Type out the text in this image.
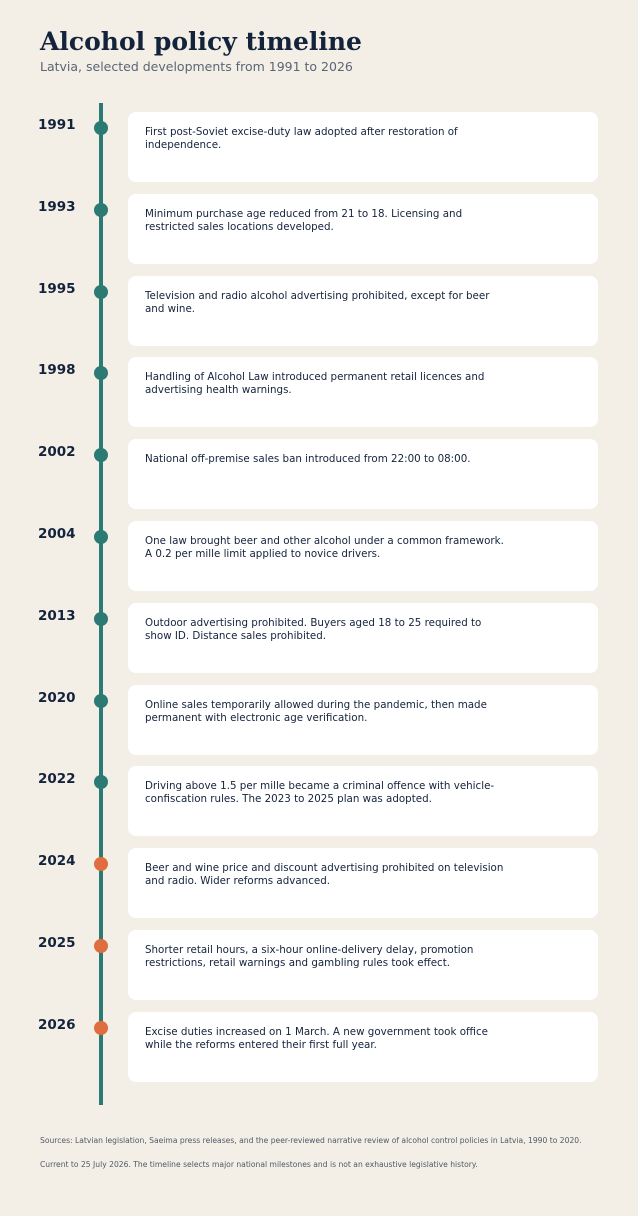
Alcohol policy timeline

Latvia, selected developments from 1991 to 2026

1991	First post-Soviet excise-duty law adopted after restoration of independence.
1993	Minimum purchase age reduced from 21 to 18. Licensing and restricted sales locations developed.
1995	Television and radio alcohol advertising prohibited, except for beer and wine.
1998	Handling of Alcohol Law introduced permanent retail licences and advertising health warnings.
2002	National off-premise sales ban introduced from 22:00 to 08:00.
2004	One law brought beer and other alcohol under a common framework. A 0.2 per mille limit applied to novice drivers.
2013	Outdoor advertising prohibited. Buyers aged 18 to 25 required to show ID. Distance sales prohibited.
2020	Online sales temporarily allowed during the pandemic, then made permanent with electronic age verification.
2022	Driving above 1.5 per mille became a criminal offence with vehicle-confiscation rules. The 2023 to 2025 plan was adopted.
2024	Beer and wine price and discount advertising prohibited on television and radio. Wider reforms advanced.
2025	Shorter retail hours, a six-hour online-delivery delay, promotion restrictions, retail warnings and gambling rules took effect.
2026	Excise duties increased on 1 March. A new government took office while the reforms entered their first full year.
Sources: Latvian legislation, Saeima press releases, and the peer-reviewed narrative review of alcohol control policies in Latvia, 1990 to 2020.
Current to 25 July 2026. The timeline selects major national milestones and is not an exhaustive legislative history.
